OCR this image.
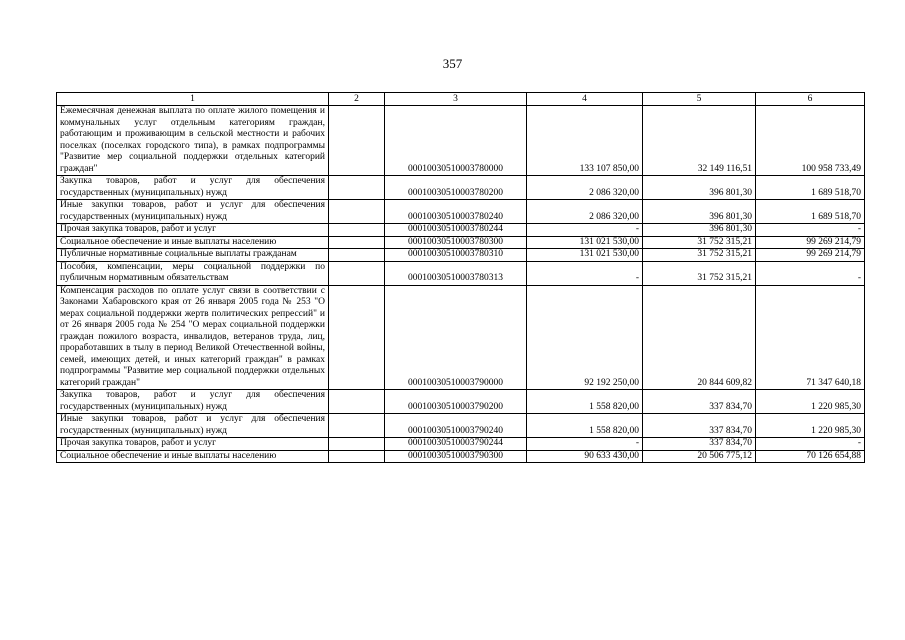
357
1	2	3	4	5	6
Ежемесячная денежная выплата по оплате жилого помещения и коммунальных услуг отдельным категориям граждан, работающим и проживающим в сельской местности и рабочих поселках (поселках городского типа), в рамках подпрограммы "Развитие мер социальной поддержки отдельных категорий граждан"		00010030510003780000	133 107 850,00	32 149 116,51	100 958 733,49
Закупка товаров, работ и услуг для обеспечения государственных (муниципальных) нужд		00010030510003780200	2 086 320,00	396 801,30	1 689 518,70
Иные закупки товаров, работ и услуг для обеспечения государственных (муниципальных) нужд		00010030510003780240	2 086 320,00	396 801,30	1 689 518,70
Прочая закупка товаров, работ и услуг		00010030510003780244	-	396 801,30	-
Социальное обеспечение и иные выплаты населению		00010030510003780300	131 021 530,00	31 752 315,21	99 269 214,79
Публичные нормативные социальные выплаты гражданам		00010030510003780310	131 021 530,00	31 752 315,21	99 269 214,79
Пособия, компенсации, меры социальной поддержки по публичным нормативным обязательствам		00010030510003780313	-	31 752 315,21	-
Компенсация расходов по оплате услуг связи в соответствии с Законами Хабаровского края от 26 января 2005 года № 253 "О мерах социальной поддержки жертв политических репрессий" и от 26 января 2005 года № 254 "О мерах социальной поддержки граждан пожилого возраста, инвалидов, ветеранов труда, лиц, проработавших в тылу в период Великой Отечественной войны, семей, имеющих детей, и иных категорий граждан" в рамках подпрограммы "Развитие мер социальной поддержки отдельных категорий граждан"		00010030510003790000	92 192 250,00	20 844 609,82	71 347 640,18
Закупка товаров, работ и услуг для обеспечения государственных (муниципальных) нужд		00010030510003790200	1 558 820,00	337 834,70	1 220 985,30
Иные закупки товаров, работ и услуг для обеспечения государственных (муниципальных) нужд		00010030510003790240	1 558 820,00	337 834,70	1 220 985,30
Прочая закупка товаров, работ и услуг		00010030510003790244	-	337 834,70	-
Социальное обеспечение и иные выплаты населению		00010030510003790300	90 633 430,00	20 506 775,12	70 126 654,88
